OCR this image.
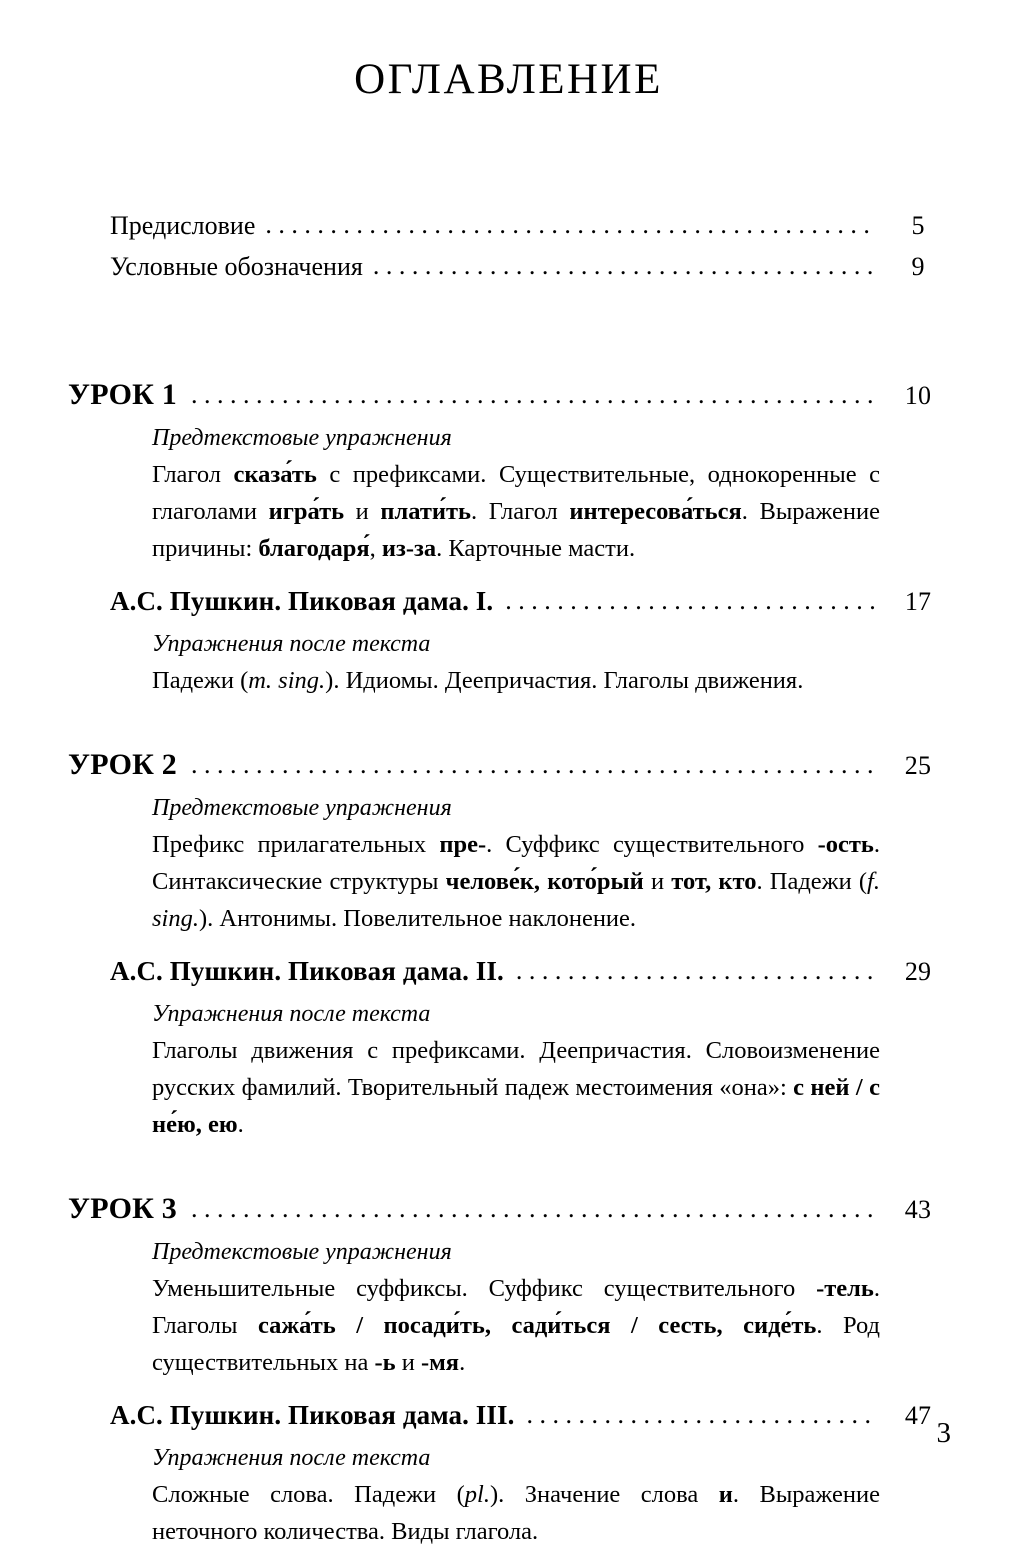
ОГЛАВЛЕНИЕ
Предисловие . . .	5
Условные обозначения . . .	9
УРОК 1 . . .	10
Предтекстовые упражнения
Глагол сказа́ть с префиксами. Существительные, однокоренные с глаголами игра́ть и плати́ть. Глагол интересова́ться. Выражение причины: благодаря́, из-за. Карточные масти.
А.С. Пушкин. Пиковая дама. I. . . .	17
Упражнения после текста
Падежи (m. sing.). Идиомы. Деепричастия. Глаголы движения.
УРОК 2 . . .	25
Предтекстовые упражнения
Префикс прилагательных пре-. Суффикс существительного -ость. Синтаксические структуры челове́к, кото́рый и тот, кто. Падежи (f. sing.). Антонимы. Повелительное наклонение.
А.С. Пушкин. Пиковая дама. II. . . .	29
Упражнения после текста
Глаголы движения с префиксами. Деепричастия. Словоизменение русских фамилий. Творительный падеж местоимения «она»: с ней / с не́ю, ею.
УРОК 3 . . .	43
Предтекстовые упражнения
Уменьшительные суффиксы. Суффикс существительного -тель. Глаголы сажа́ть / посади́ть, сади́ться / сесть, сиде́ть. Род существительных на -ь и -мя.
А.С. Пушкин. Пиковая дама. III. . . .	47
Упражнения после текста
Сложные слова. Падежи (pl.). Значение слова и. Выражение неточного количества. Виды глагола.
3
